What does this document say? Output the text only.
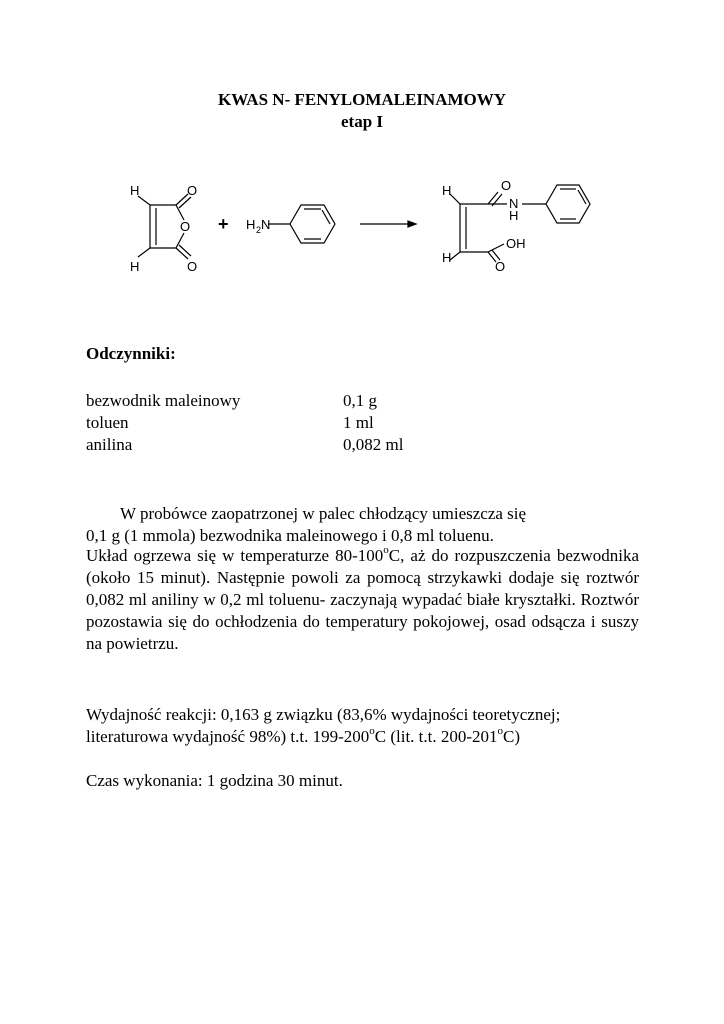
KWAS N- FENYLOMALEINAMOWY
etap I
H	O
O
H	O
+ H 2 N
H	O
N
H
H
OH
O
Odczynniki:
bezwodnik maleinowy	0,1 g
toluen	1 ml
anilina	0,082 ml
W probówce zaopatrzonej w palec chłodzący umieszcza się
0,1 g (1 mmola) bezwodnika maleinowego i 0,8 ml toluenu.
Układ ogrzewa się w temperaturze 80-100$^o$C, aż do rozpuszczenia bezwodnika (około 15 minut). Następnie powoli za pomocą strzykawki dodaje się roztwór 0,082 ml aniliny w 0,2 ml toluenu- zaczynają wypadać białe kryształki. Roztwór pozostawia się do ochłodzenia do temperatury pokojowej, osad odsącza i suszy na powietrzu.
Wydajność reakcji: 0,163 g związku (83,6% wydajności teoretycznej;
literaturowa wydajność 98%) t.t. 199-200$^o$C (lit. t.t. 200-201$^o$C)
Czas wykonania: 1 godzina 30 minut.
